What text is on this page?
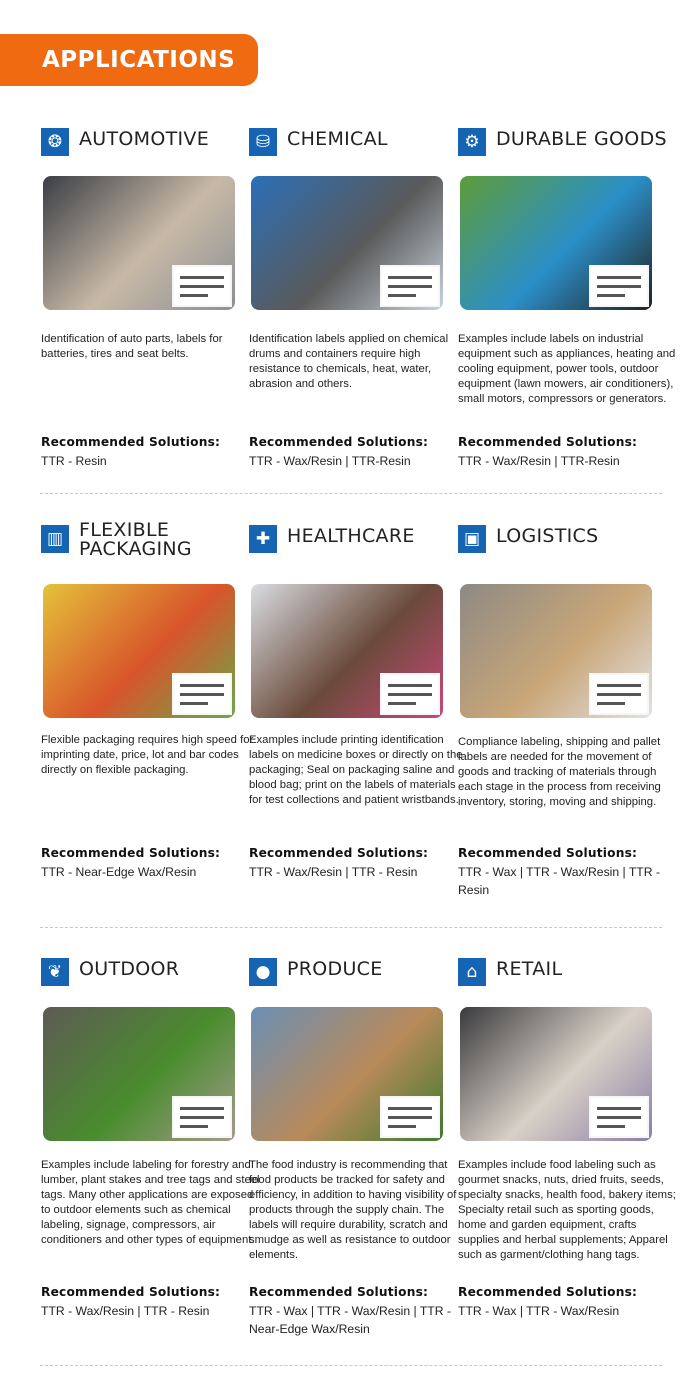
APPLICATIONS
❂ AUTOMOTIVE
Identification of auto parts, labels for batteries, tires and seat belts.
Recommended Solutions:
TTR - Resin
⛁ CHEMICAL
Identification labels applied on chemical drums and containers require high resistance to chemicals, heat, water, abrasion and others.
Recommended Solutions:
TTR - Wax/Resin | TTR-Resin
⚙ DURABLE GOODS
Examples include labels on industrial equipment such as appliances, heating and cooling equipment, power tools, outdoor equipment (lawn mowers, air conditioners), small motors, compressors or generators.
Recommended Solutions:
TTR - Wax/Resin | TTR-Resin
▥ FLEXIBLE PACKAGING
Flexible packaging requires high speed for imprinting date, price, lot and bar codes directly on flexible packaging.
Recommended Solutions:
TTR - Near-Edge Wax/Resin
✚ HEALTHCARE
Examples include printing identification labels on medicine boxes or directly on the packaging; Seal on packaging saline and blood bag; print on the labels of materials for test collections and patient wristbands.
Recommended Solutions:
TTR - Wax/Resin | TTR - Resin
▣ LOGISTICS
Compliance labeling, shipping and pallet labels are needed for the movement of goods and tracking of materials through each stage in the process from receiving inventory, storing, moving and shipping.
Recommended Solutions:
TTR - Wax | TTR - Wax/Resin | TTR - Resin
❦ OUTDOOR
Examples include labeling for forestry and lumber, plant stakes and tree tags and steel tags. Many other applications are exposed to outdoor elements such as chemical labeling, signage, compressors, air conditioners and other types of equipment.
Recommended Solutions:
TTR - Wax/Resin | TTR - Resin
● PRODUCE
The food industry is recommending that food products be tracked for safety and efficiency, in addition to having visibility of products through the supply chain. The labels will require durability, scratch and smudge as well as resistance to outdoor elements.
Recommended Solutions:
TTR - Wax | TTR - Wax/Resin | TTR - Near-Edge Wax/Resin
⌂ RETAIL
Examples include food labeling such as gourmet snacks, nuts, dried fruits, seeds, specialty snacks, health food, bakery items; Specialty retail such as sporting goods, home and garden equipment, crafts supplies and herbal supplements; Apparel such as garment/clothing hang tags.
Recommended Solutions:
TTR - Wax | TTR - Wax/Resin
